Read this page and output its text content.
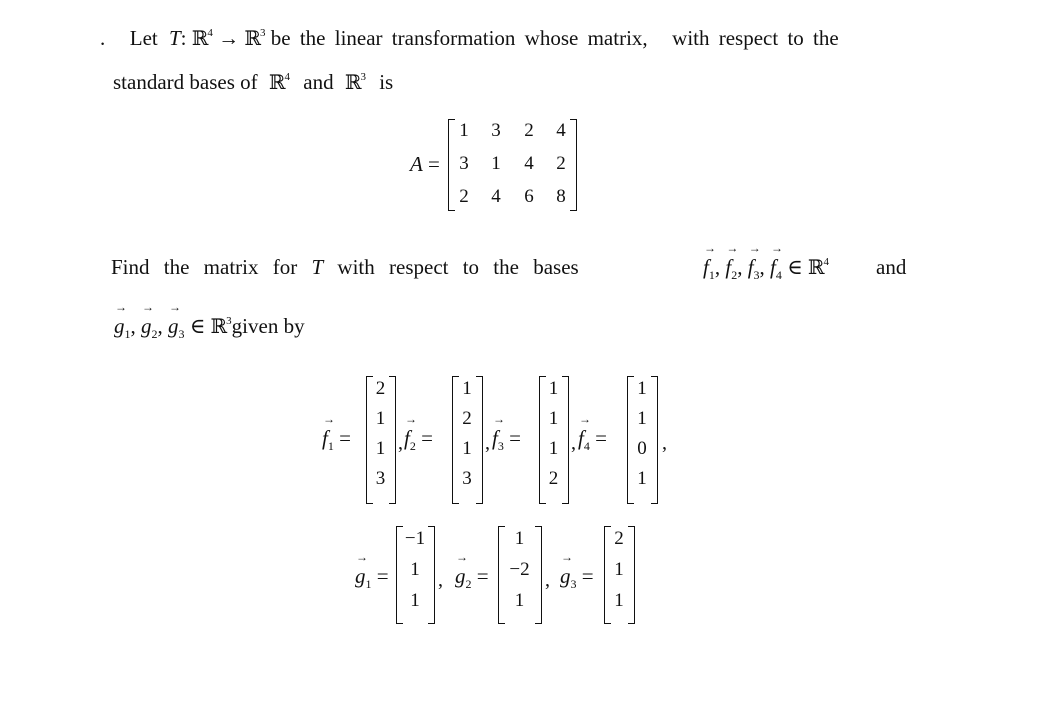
. Let T: ℝ$^4$ → ℝ$^3$ be the linear transformation whose matrix, with respect to the
standard bases of ℝ$^4$ and ℝ$^3$ is
A =
1	3	2	4
3	1	4	2
2	4	6	8
Find the matrix for T with respect to the bases	→ $f_1$, → $f_2$, → $f_3$, → $f_4$ ∈ ℝ$^4$ and
→ $g_1$, → $g_2$, → $g_3$ ∈ ℝ$^3$given by
→ $f_1$ =
2
1
1
3
, → $f_2$ =
1
2
1
3
, → $f_3$ =
1
1
1
2
, → $f_4$ =
1
1
0
1
,
→ $g_1$ =
−1
1
1
, → $g_2$ =
1
−2
1
, → $g_3$ =
2
1
1
